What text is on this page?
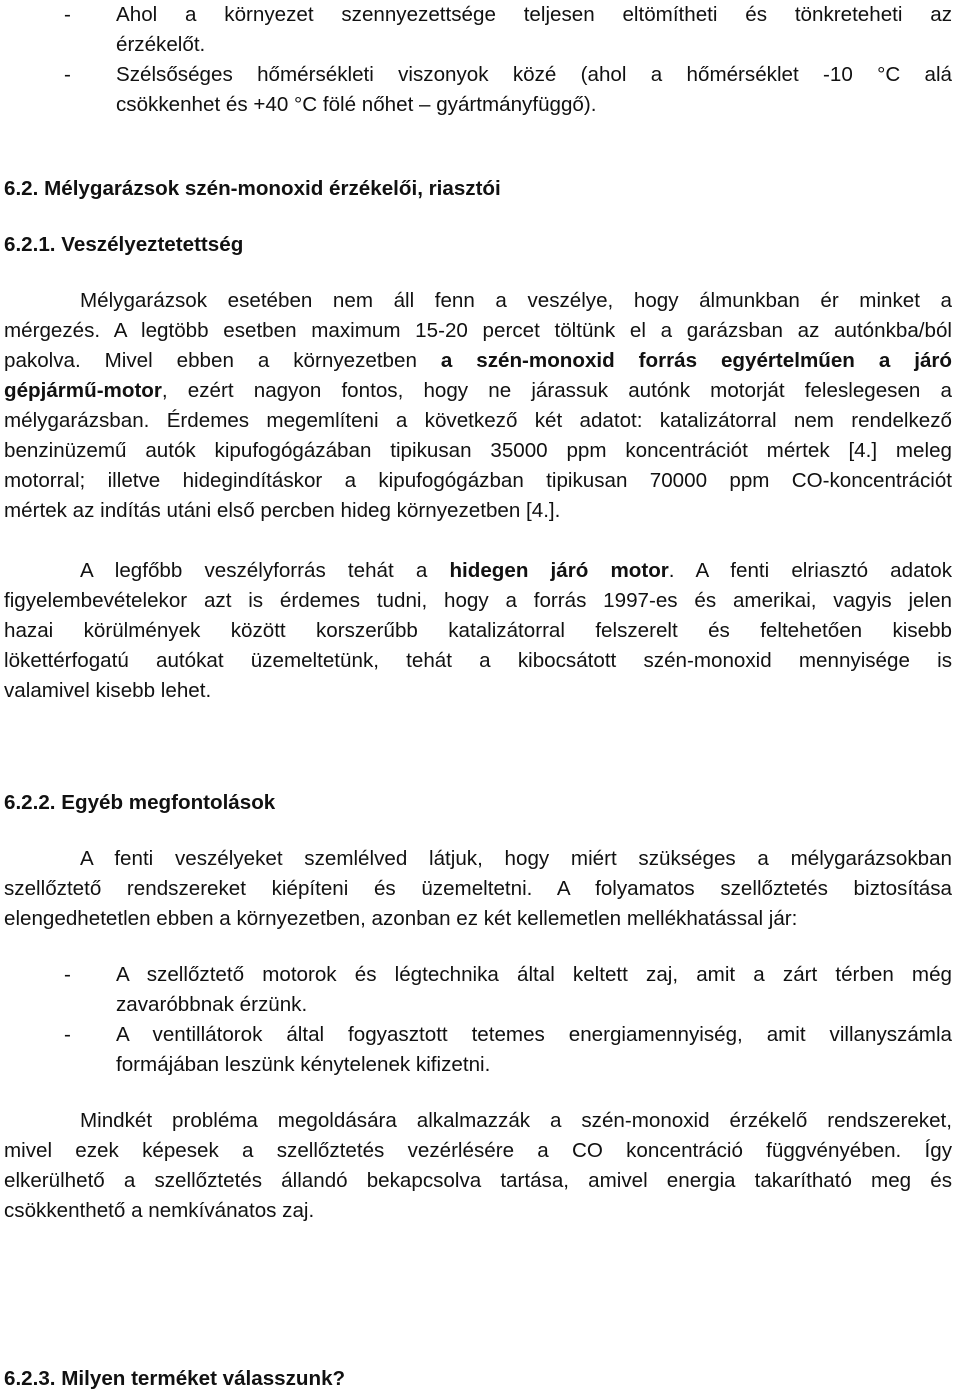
-	Ahol a környezet szennyezettsége teljesen eltömítheti és tönkreteheti az
érzékelőt.
-	Szélsőséges hőmérsékleti viszonyok közé (ahol a hőmérséklet -10 °C alá
csökkenhet és +40 °C fölé nőhet – gyártmányfüggő).
6.2. Mélygarázsok szén-monoxid érzékelői, riasztói
6.2.1. Veszélyeztetettség
Mélygarázsok esetében nem áll fenn a veszélye, hogy álmunkban ér minket a
mérgezés. A legtöbb esetben maximum 15-20 percet töltünk el a garázsban az autónkba/ból
pakolva. Mivel ebben a környezetben a szén-monoxid forrás egyértelműen a járó
gépjármű-motor, ezért nagyon fontos, hogy ne járassuk autónk motorját feleslegesen a
mélygarázsban. Érdemes megemlíteni a következő két adatot: katalizátorral nem rendelkező
benzinüzemű autók kipufogógázában tipikusan 35000 ppm koncentrációt mértek [4.] meleg
motorral; illetve hidegindításkor a kipufogógázban tipikusan 70000 ppm CO-koncentrációt
mértek az indítás utáni első percben hideg környezetben [4.].
A legfőbb veszélyforrás tehát a hidegen járó motor. A fenti elriasztó adatok
figyelembevételekor azt is érdemes tudni, hogy a forrás 1997-es és amerikai, vagyis jelen
hazai körülmények között korszerűbb katalizátorral felszerelt és feltehetően kisebb
lökettérfogatú autókat üzemeltetünk, tehát a kibocsátott szén-monoxid mennyisége is
valamivel kisebb lehet.
6.2.2. Egyéb megfontolások
A fenti veszélyeket szemlélved látjuk, hogy miért szükséges a mélygarázsokban
szellőztető rendszereket kiépíteni és üzemeltetni. A folyamatos szellőztetés biztosítása
elengedhetetlen ebben a környezetben, azonban ez két kellemetlen mellékhatással jár:
-	A szellőztető motorok és légtechnika által keltett zaj, amit a zárt térben még
zavaróbbnak érzünk.
-	A ventillátorok által fogyasztott tetemes energiamennyiség, amit villanyszámla
formájában leszünk kénytelenek kifizetni.
Mindkét probléma megoldására alkalmazzák a szén-monoxid érzékelő rendszereket,
mivel ezek képesek a szellőztetés vezérlésére a CO koncentráció függvényében. Így
elkerülhető a szellőztetés állandó bekapcsolva tartása, amivel energia takarítható meg és
csökkenthető a nemkívánatos zaj.
6.2.3. Milyen terméket válasszunk?
